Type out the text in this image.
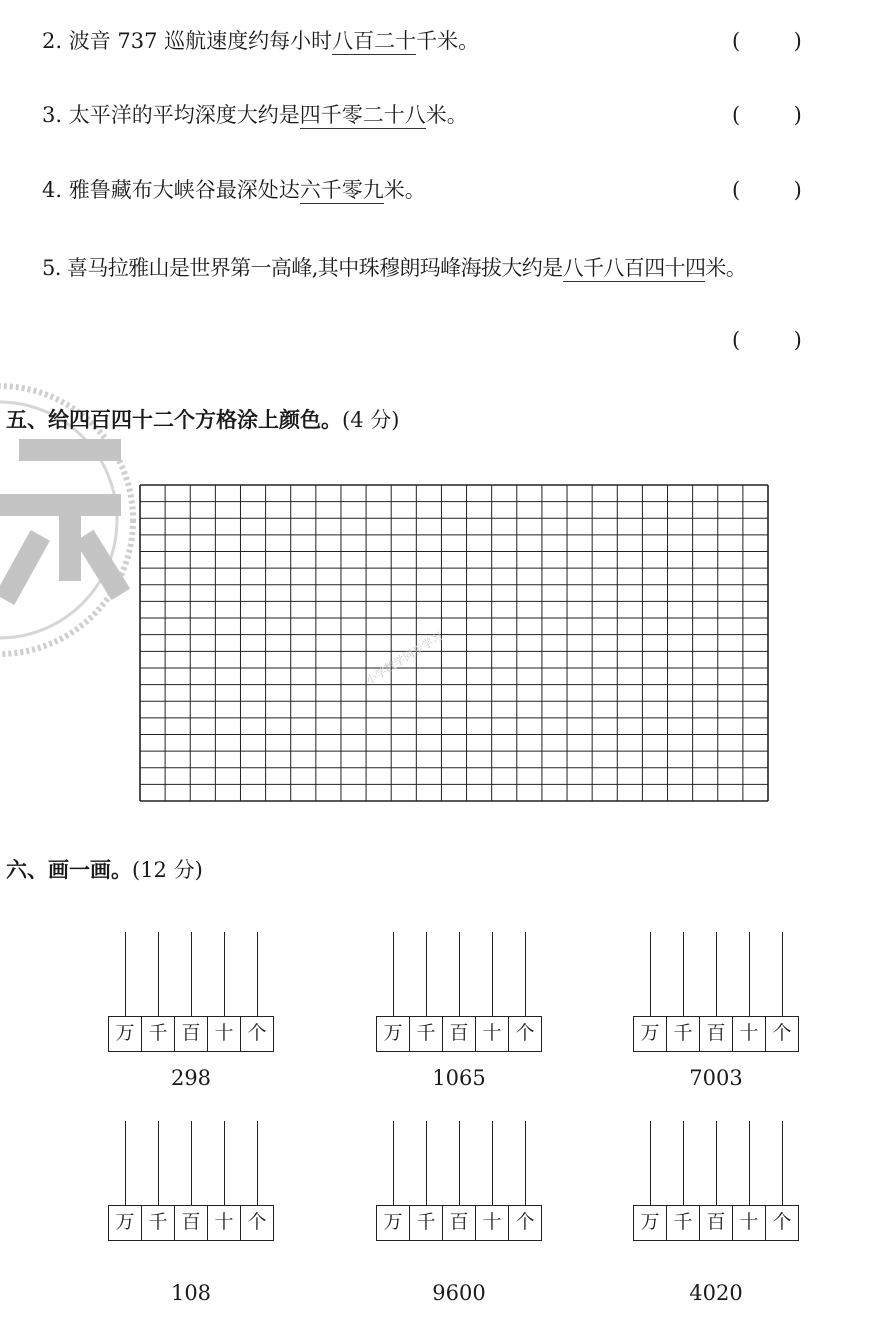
2. 波音 737 巡航速度约每小时八百二十千米。	(        )
3. 太平洋的平均深度大约是四千零二十八米。	(        )
4. 雅鲁藏布大峡谷最深处达六千零九米。	(        )
5. 喜马拉雅山是世界第一高峰,其中珠穆朗玛峰海拔大约是八千八百四十四米。
(        )
五、给四百四十二个方格涂上颜色。(4 分)
小学数学同步学习
六、画一画。(12 分)
万 千 百 十 个
298
万 千 百 十 个
1065
万 千 百 十 个
7003
万 千 百 十 个
108
万 千 百 十 个
9600
万 千 百 十 个
4020
